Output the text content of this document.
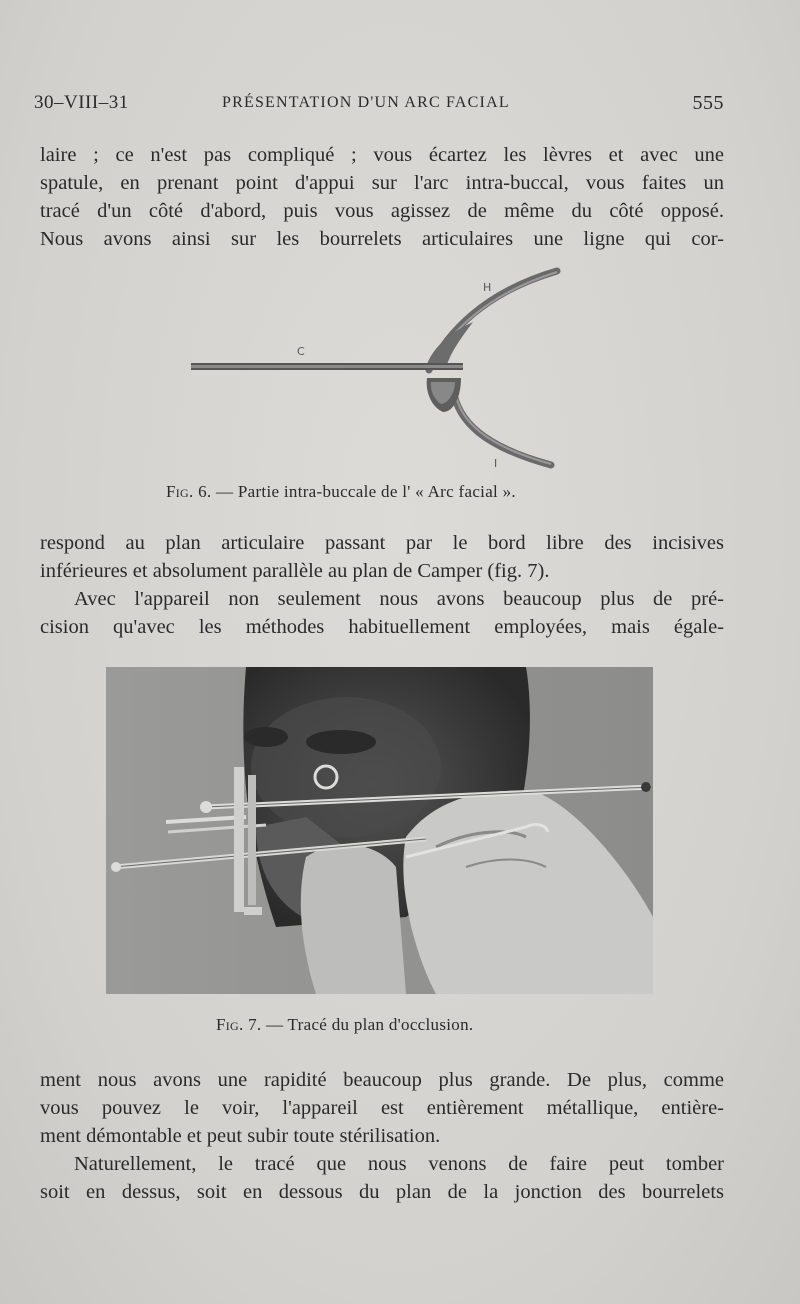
30–VIII–31	PRÉSENTATION D'UN ARC FACIAL	555
laire ; ce n'est pas compliqué ; vous écartez les lèvres et avec une
spatule, en prenant point d'appui sur l'arc intra-buccal, vous faites un
tracé d'un côté d'abord, puis vous agissez de même du côté opposé.
Nous avons ainsi sur les bourrelets articulaires une ligne qui cor-
C
H
I
Fig. 6. — Partie intra-buccale de l' « Arc facial ».
respond au plan articulaire passant par le bord libre des incisives
inférieures et absolument parallèle au plan de Camper (fig. 7).
Avec l'appareil non seulement nous avons beaucoup plus de pré-
cision qu'avec les méthodes habituellement employées, mais égale-
Fig. 7. — Tracé du plan d'occlusion.
ment nous avons une rapidité beaucoup plus grande. De plus, comme
vous pouvez le voir, l'appareil est entièrement métallique, entière-
ment démontable et peut subir toute stérilisation.
Naturellement, le tracé que nous venons de faire peut tomber
soit en dessus, soit en dessous du plan de la jonction des bourrelets
